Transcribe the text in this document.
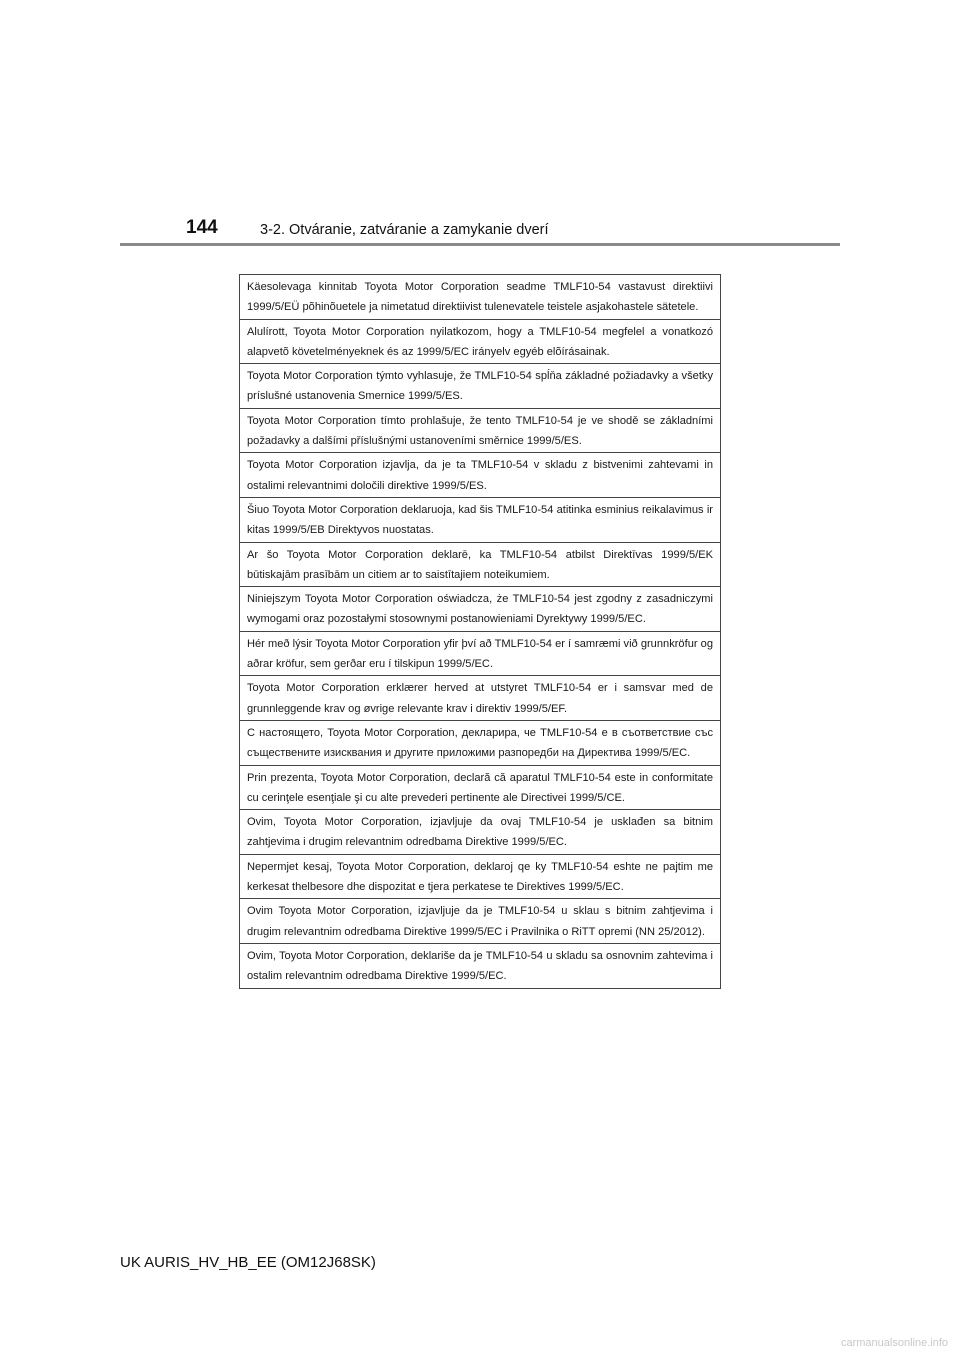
144	3-2. Otváranie, zatváranie a zamykanie dverí
Käesolevaga kinnitab Toyota Motor Corporation seadme TMLF10-54 vastavust direktiivi 1999/5/EÜ põhinõuetele ja nimetatud direktiivist tulenevatele teistele asjakohastele sätetele.
Alulírott, Toyota Motor Corporation nyilatkozom, hogy a TMLF10-54 megfelel a vonatkozó alapvetõ követelményeknek és az 1999/5/EC irányelv egyéb elõírásainak.
Toyota Motor Corporation týmto vyhlasuje, že TMLF10-54 spĺňa základné požiadavky a všetky príslušné ustanovenia Smernice 1999/5/ES.
Toyota Motor Corporation tímto prohlašuje, že tento TMLF10-54 je ve shodě se základními požadavky a dalšími příslušnými ustanoveními směrnice 1999/5/ES.
Toyota Motor Corporation izjavlja, da je ta TMLF10-54 v skladu z bistvenimi zahtevami in ostalimi relevantnimi določili direktive 1999/5/ES.
Šiuo Toyota Motor Corporation deklaruoja, kad šis TMLF10-54 atitinka esminius reikalavimus ir kitas 1999/5/EB Direktyvos nuostatas.
Ar šo Toyota Motor Corporation deklarē, ka TMLF10-54 atbilst Direktīvas 1999/5/EK būtiskajām prasībām un citiem ar to saistītajiem noteikumiem.
Niniejszym Toyota Motor Corporation oświadcza, że TMLF10-54 jest zgodny z zasadniczymi wymogami oraz pozostałymi stosownymi postanowieniami Dyrektywy 1999/5/EC.
Hér með lýsir Toyota Motor Corporation yfir því að TMLF10-54 er í samræmi við grunnkröfur og aðrar kröfur, sem gerðar eru í tilskipun 1999/5/EC.
Toyota Motor Corporation erklærer herved at utstyret TMLF10-54 er i samsvar med de grunnleggende krav og øvrige relevante krav i direktiv 1999/5/EF.
С настоящето, Toyota Motor Corporation, декларира, че TMLF10-54 е в съответствие със съществените изисквания и другите приложими разпоредби на Директива 1999/5/ЕС.
Prin prezenta, Toyota Motor Corporation, declară că aparatul TMLF10-54 este in conformitate cu cerinţele esenţiale şi cu alte prevederi pertinente ale Directivei 1999/5/CE.
Ovim, Toyota Motor Corporation, izjavljuje da ovaj TMLF10-54 je usklađen sa bitnim zahtjevima i drugim relevantnim odredbama Direktive 1999/5/EC.
Nepermjet kesaj, Toyota Motor Corporation, deklaroj qe ky TMLF10-54 eshte ne pajtim me kerkesat thelbesore dhe dispozitat e tjera perkatese te Direktives 1999/5/EC.
Ovim Toyota Motor Corporation, izjavljuje da je TMLF10-54 u sklau s bitnim zahtjevima i drugim relevantnim odredbama Direktive 1999/5/EC i Pravilnika o RiTT opremi (NN 25/2012).
Ovim, Toyota Motor Corporation, deklariše da je TMLF10-54 u skladu sa osnovnim zahtevima i ostalim relevantnim odredbama Direktive 1999/5/EC.
UK AURIS_HV_HB_EE (OM12J68SK)
carmanualsonline.info
